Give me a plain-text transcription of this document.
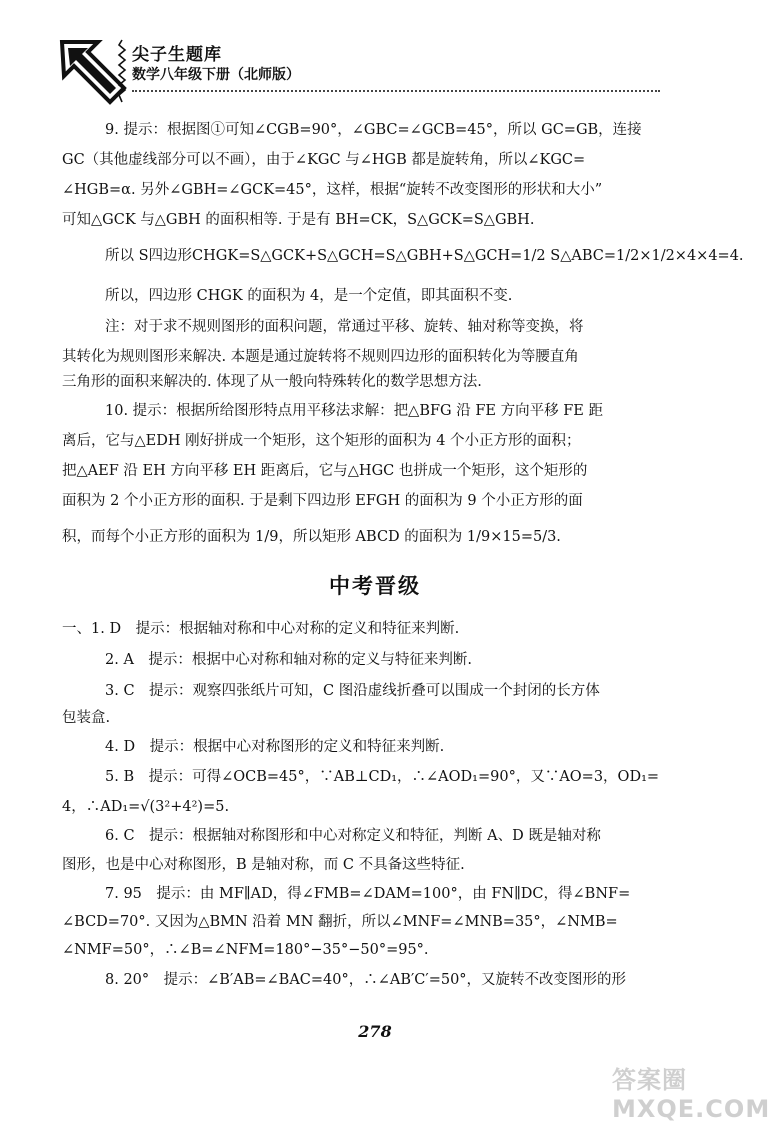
尖子生题库
数学八年级下册（北师版）
9. 提示：根据图①可知∠CGB=90°，∠GBC=∠GCB=45°，所以 GC=GB，连接
GC（其他虚线部分可以不画），由于∠KGC 与∠HGB 都是旋转角，所以∠KGC=
∠HGB=α. 另外∠GBH=∠GCK=45°，这样，根据“旋转不改变图形的形状和大小”
可知△GCK 与△GBH 的面积相等. 于是有 BH=CK，S△GCK=S△GBH.
所以 S四边形CHGK=S△GCK+S△GCH=S△GBH+S△GCH=1/2 S△ABC=1/2×1/2×4×4=4.
所以，四边形 CHGK 的面积为 4，是一个定值，即其面积不变.
注：对于求不规则图形的面积问题，常通过平移、旋转、轴对称等变换，将
其转化为规则图形来解决. 本题是通过旋转将不规则四边形的面积转化为等腰直角
三角形的面积来解决的. 体现了从一般向特殊转化的数学思想方法.
10. 提示：根据所给图形特点用平移法求解：把△BFG 沿 FE 方向平移 FE 距
离后，它与△EDH 刚好拼成一个矩形，这个矩形的面积为 4 个小正方形的面积；
把△AEF 沿 EH 方向平移 EH 距离后，它与△HGC 也拼成一个矩形，这个矩形的
面积为 2 个小正方形的面积. 于是剩下四边形 EFGH 的面积为 9 个小正方形的面
积，而每个小正方形的面积为 1/9，所以矩形 ABCD 的面积为 1/9×15=5/3.
中考晋级
一、1. D　提示：根据轴对称和中心对称的定义和特征来判断.
2. A　提示：根据中心对称和轴对称的定义与特征来判断.
3. C　提示：观察四张纸片可知，C 图沿虚线折叠可以围成一个封闭的长方体
包装盒.
4. D　提示：根据中心对称图形的定义和特征来判断.
5. B　提示：可得∠OCB=45°，∵AB⊥CD₁，∴∠AOD₁=90°，又∵AO=3，OD₁=
4，∴AD₁=√(3²+4²)=5.
6. C　提示：根据轴对称图形和中心对称定义和特征，判断 A、D 既是轴对称
图形，也是中心对称图形，B 是轴对称，而 C 不具备这些特征.
7. 95　提示：由 MF∥AD，得∠FMB=∠DAM=100°，由 FN∥DC，得∠BNF=
∠BCD=70°. 又因为△BMN 沿着 MN 翻折，所以∠MNF=∠MNB=35°，∠NMB=
∠NMF=50°，∴∠B=∠NFM=180°−35°−50°=95°.
8. 20°　提示：∠B′AB=∠BAC=40°，∴∠AB′C′=50°，又旋转不改变图形的形
278
答案圈 MXQE.COM
